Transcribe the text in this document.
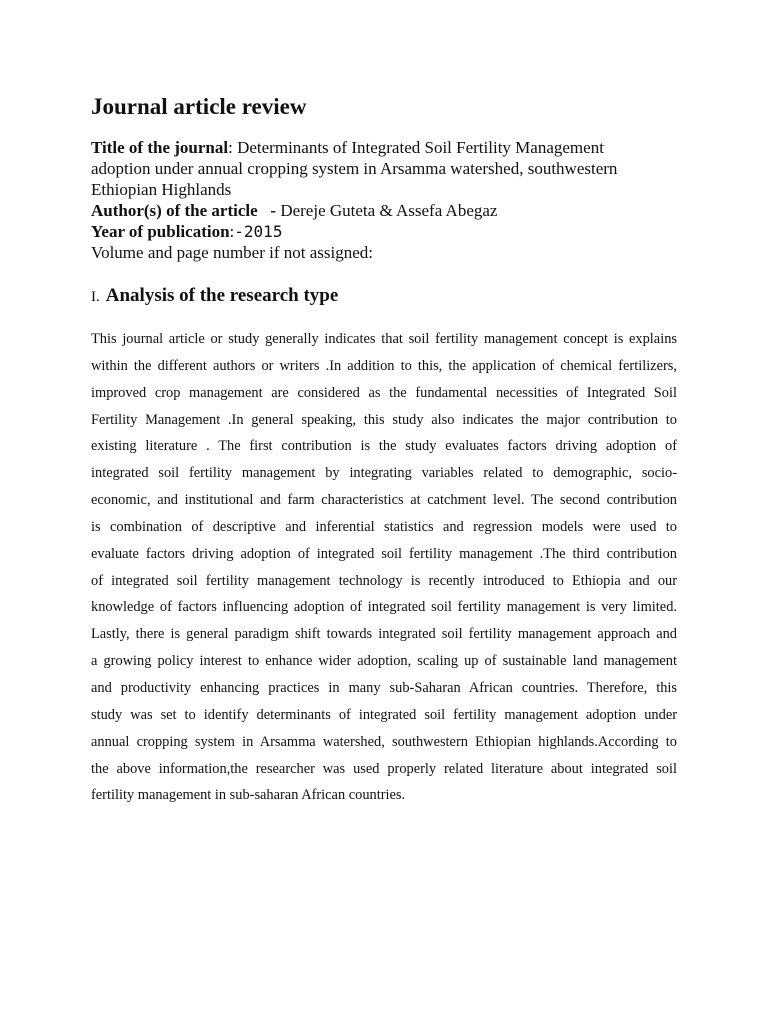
Journal article review
Title of the journal: Determinants of Integrated Soil Fertility Management
adoption under annual cropping system in Arsamma watershed, southwestern
Ethiopian Highlands
Author(s) of the article - Dereje Guteta & Assefa Abegaz
Year of publication:-2015
Volume and page number if not assigned:
I. Analysis of the research type

This journal article or study generally indicates that soil fertility management concept is explains
within the different authors or writers .In addition to this, the application of chemical fertilizers,
improved crop management are considered as the fundamental necessities of Integrated Soil
Fertility Management .In general speaking, this study also indicates the major contribution to
existing literature . The first contribution is the study evaluates factors driving adoption of
integrated soil fertility management by integrating variables related to demographic, socio-
economic, and institutional and farm characteristics at catchment level. The second contribution
is combination of descriptive and inferential statistics and regression models were used to
evaluate factors driving adoption of integrated soil fertility management .The third contribution
of integrated soil fertility management technology is recently introduced to Ethiopia and our
knowledge of factors influencing adoption of integrated soil fertility management is very limited.
Lastly, there is general paradigm shift towards integrated soil fertility management approach and
a growing policy interest to enhance wider adoption, scaling up of sustainable land management
and productivity enhancing practices in many sub-Saharan African countries. Therefore, this
study was set to identify determinants of integrated soil fertility management adoption under
annual cropping system in Arsamma watershed, southwestern Ethiopian highlands.According to
the above information,the researcher was used properly related literature about integrated soil
fertility management in sub-saharan African countries.
